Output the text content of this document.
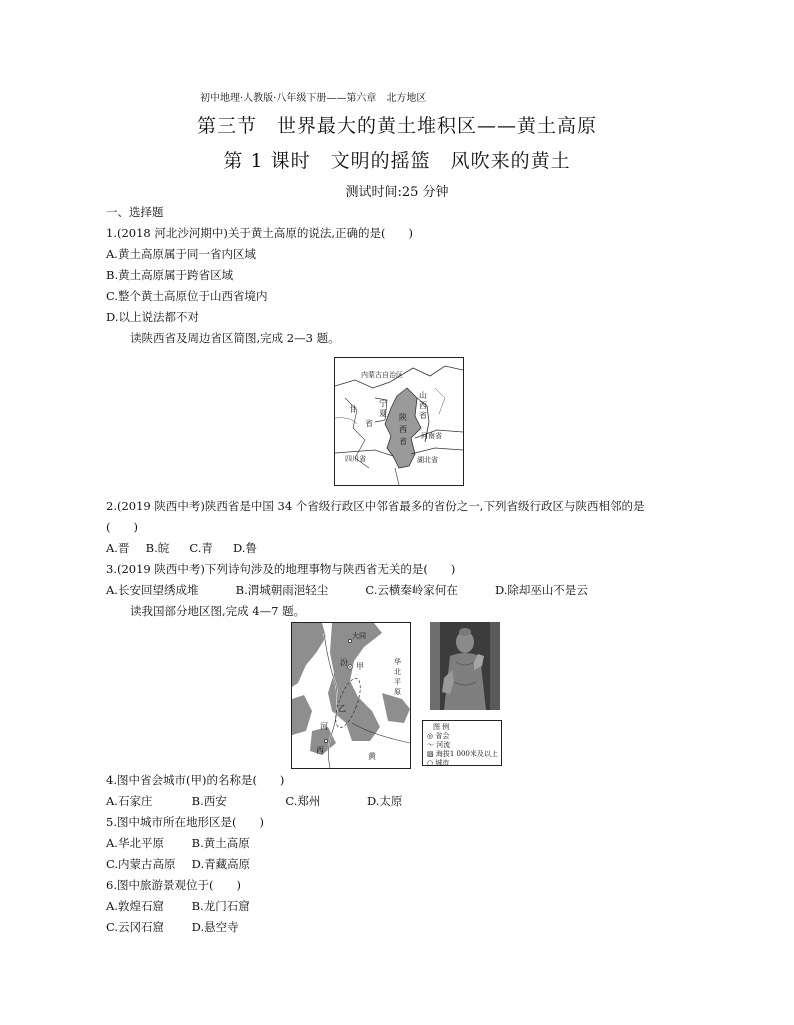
初中地理·人教版·八年级下册——第六章　北方地区
第三节　世界最大的黄土堆积区——黄土高原
第 1 课时　文明的摇篮　风吹来的黄土
测试时间:25 分钟
一、选择题
1.(2018 河北沙河期中)关于黄土高原的说法,正确的是(　　)
A.黄土高原属于同一省内区域
B.黄土高原属于跨省区域
C.整个黄土高原位于山西省境内
D.以上说法都不对
读陕西省及周边省区简图,完成 2—3 题。
内蒙古自治区
宁
甘	夏 陕
省
山
西
省
河南省
四川省	湖北省
西
省
2.(2019 陕西中考)陕西省是中国 34 个省级行政区中邻省最多的省份之一,下列省级行政区与陕西相邻的是
(　　)
A.晋 B.皖 C.青 D.鲁
3.(2019 陕西中考)下列诗句涉及的地理事物与陕西省无关的是(　　)
A.长安回望绣成堆	B.渭城朝雨浥轻尘	C.云横秦岭家何在	D.除却巫山不是云
读我国部分地区图,完成 4—7 题。
大同
汾 甲	华
北
平
原
乙
河
西
黄
图 例
◎ 省会
〜 河流
▨ 海拔1 000米及以上
○ 城市
4.图中省会城市(甲)的名称是(　　)
A.石家庄	B.西安	C.郑州	D.太原
5.图中城市所在地形区是(　　)
A.华北平原 B.黄土高原
C.内蒙古高原 D.青藏高原
6.图中旅游景观位于(　　)
A.敦煌石窟 B.龙门石窟
C.云冈石窟 D.悬空寺
